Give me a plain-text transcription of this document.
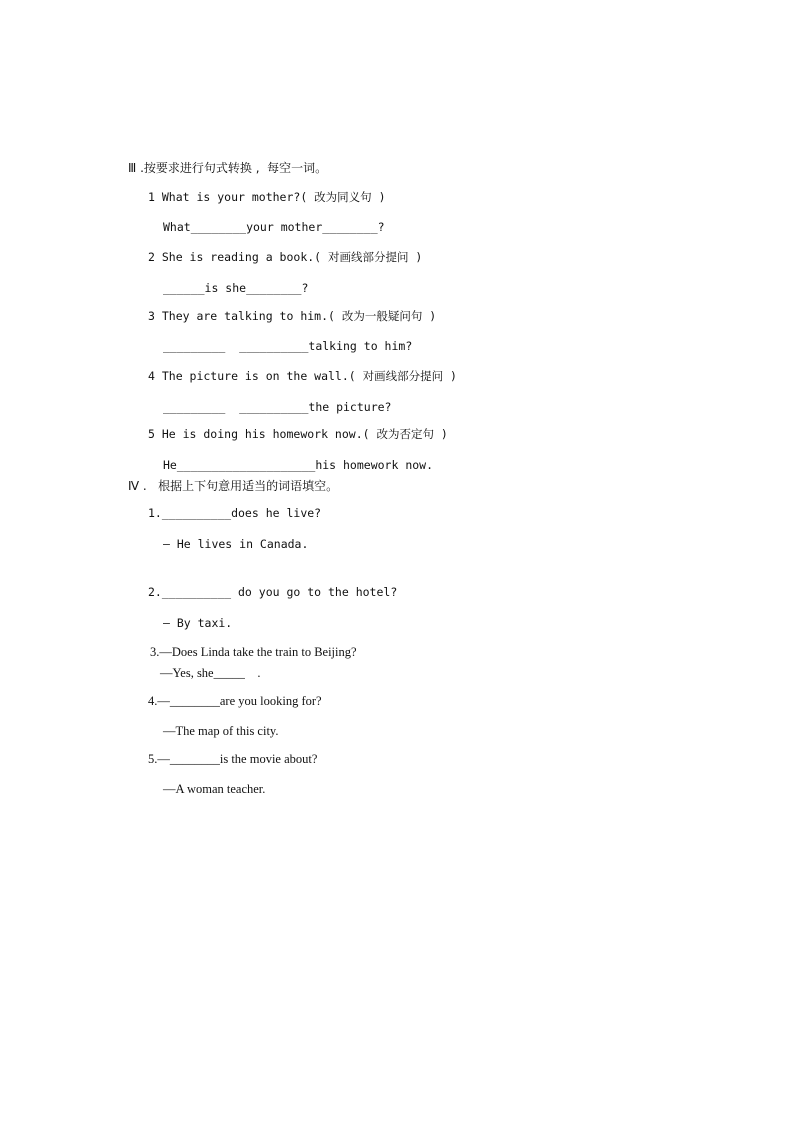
Ⅲ .按要求进行句式转换 ,  每空一词。
1 What is your mother?( 改为同义句 )
What________your mother________?
2 She is reading a book.( 对画线部分提问 )
______is she________?
3 They are talking to him.( 改为一般疑问句 )
_________  __________talking to him?
4 The picture is on the wall.( 对画线部分提问 )
_________  __________the picture?
5 He is doing his homework now.( 改为否定句 )
He____________________his homework now.
Ⅳ .   根据上下句意用适当的词语填空。
1.__________does he live?
— He lives in Canada.
2.__________ do you go to the hotel?
— By taxi.
3.—Does Linda take the train to Beijing?
—Yes, she_____    .
4.—________are you looking for?
—The map of this city.
5.—________is the movie about?
—A woman teacher.
